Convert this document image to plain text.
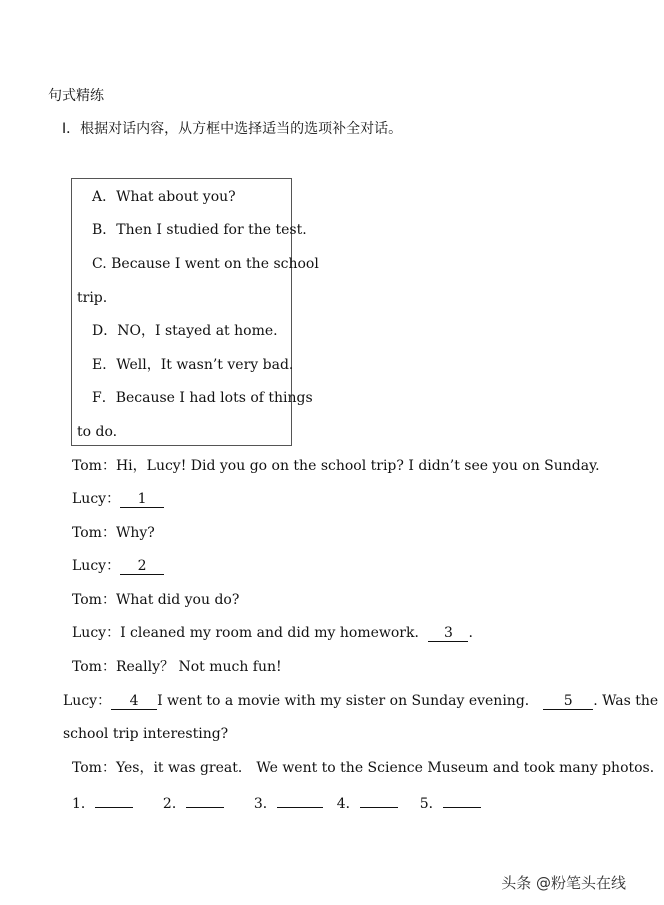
句式精练
Ⅰ．根据对话内容，从方框中选择适当的选项补全对话。
A．What about you?
B．Then I studied for the test.
C. Because I went on the school
trip.
D．NO，I stayed at home.
E．Well，It wasn’t very bad.
F．Because I had lots of things
to do.
Tom：Hi，Lucy! Did you go on the school trip? I didn’t see you on Sunday.
Lucy： 1
Tom：Why?
Lucy： 2
Tom：What did you do?
Lucy：I cleaned my room and did my homework． 3 .
Tom：Really？ Not much fun!
Lucy： 4 I went to a movie with my sister on Sunday evening． 5 . Was the
school trip interesting?
Tom：Yes，it was great． We went to the Science Museum and took many photos．
1．	2．	3．	4．	5．
头条 @粉笔头在线
